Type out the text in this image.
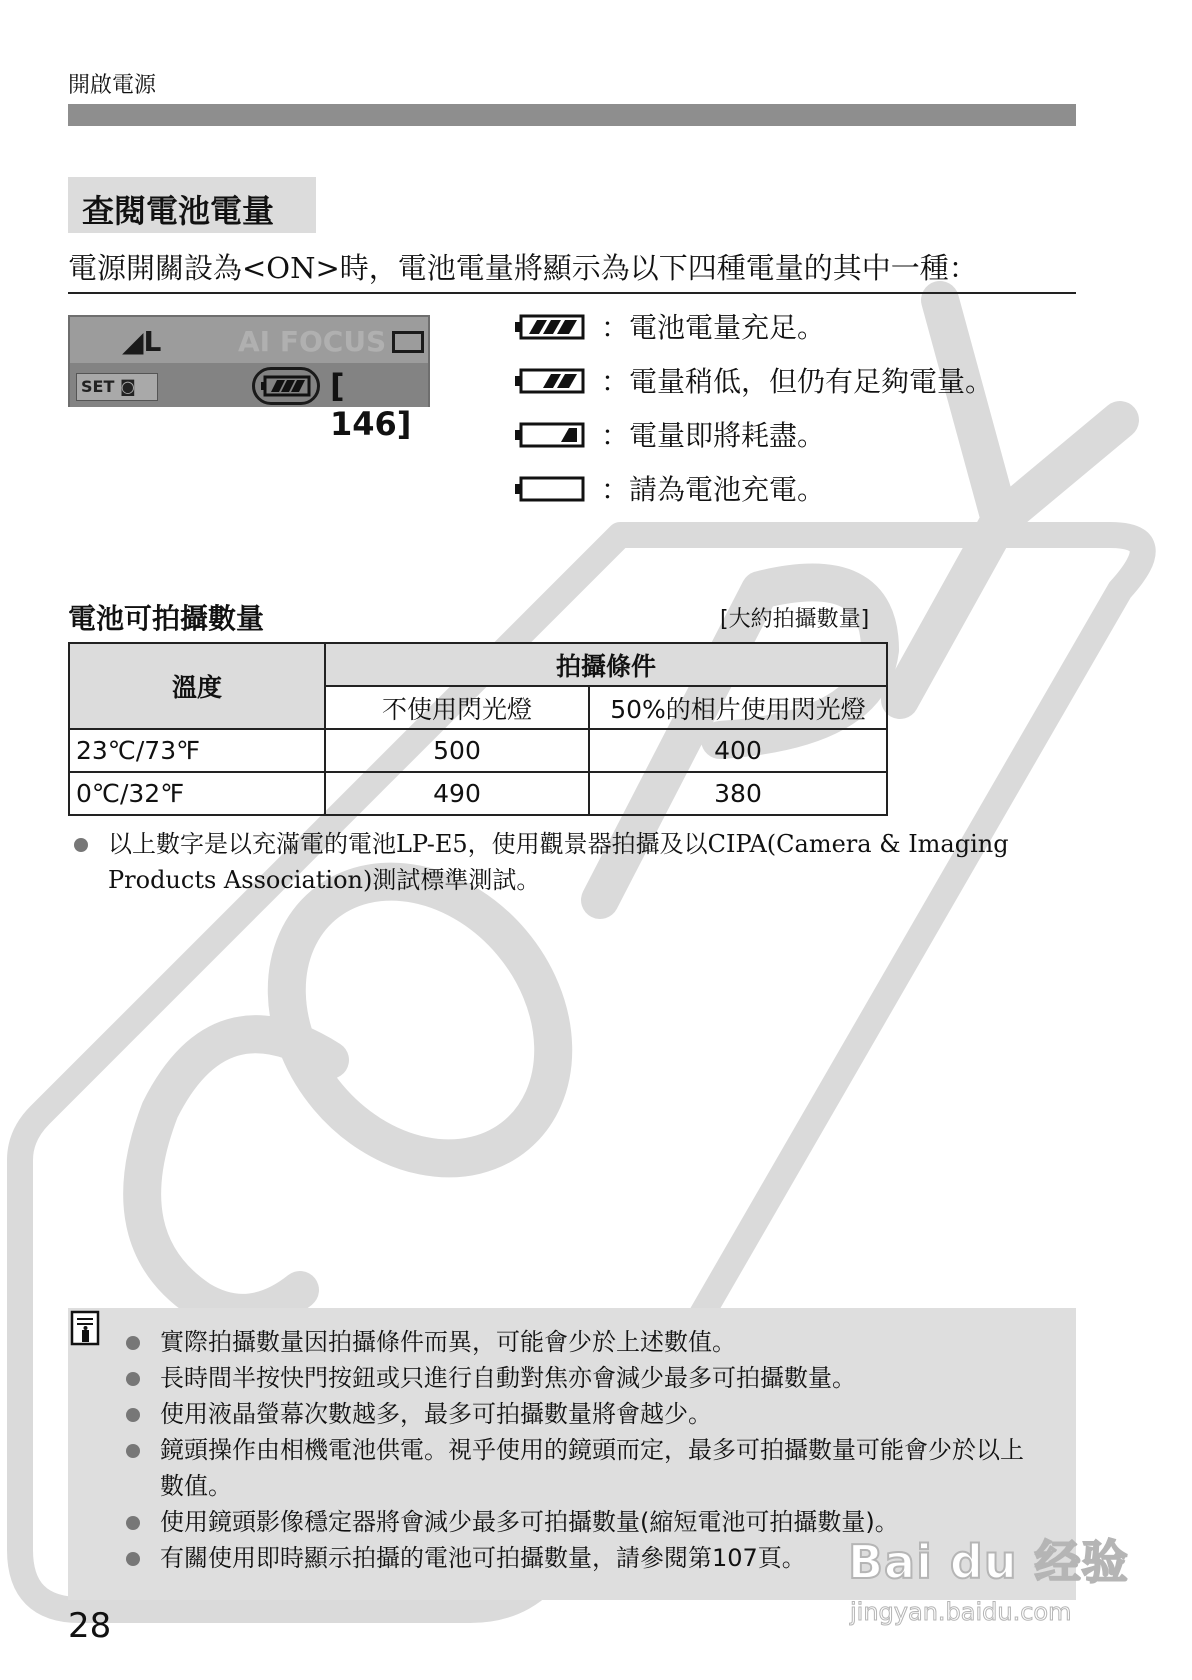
開啟電源
查閱電池電量
電源開關設為<ON>時，電池電量將顯示為以下四種電量的其中一種：
◢L	AI FOCUS
SET ◙	[ 146]
：電池電量充足。
：電量稍低，但仍有足夠電量。
：電量即將耗盡。
：請為電池充電。
電池可拍攝數量	[大約拍攝數量]
溫度	拍攝條件	
	不使用閃光燈	50%的相片使用閃光燈
23℃/73℉	500	400
0℃/32℉	490	380
以上數字是以充滿電的電池LP-E5，使用觀景器拍攝及以CIPA(Camera & Imaging Products Association)測試標準測試。
實際拍攝數量因拍攝條件而異，可能會少於上述數值。
長時間半按快門按鈕或只進行自動對焦亦會減少最多可拍攝數量。
使用液晶螢幕次數越多，最多可拍攝數量將會越少。
鏡頭操作由相機電池供電。視乎使用的鏡頭而定，最多可拍攝數量可能會少於以上數值。
使用鏡頭影像穩定器將會減少最多可拍攝數量(縮短電池可拍攝數量)。
有關使用即時顯示拍攝的電池可拍攝數量，請參閱第107頁。
28
Bai du 经验
jingyan.baidu.com
